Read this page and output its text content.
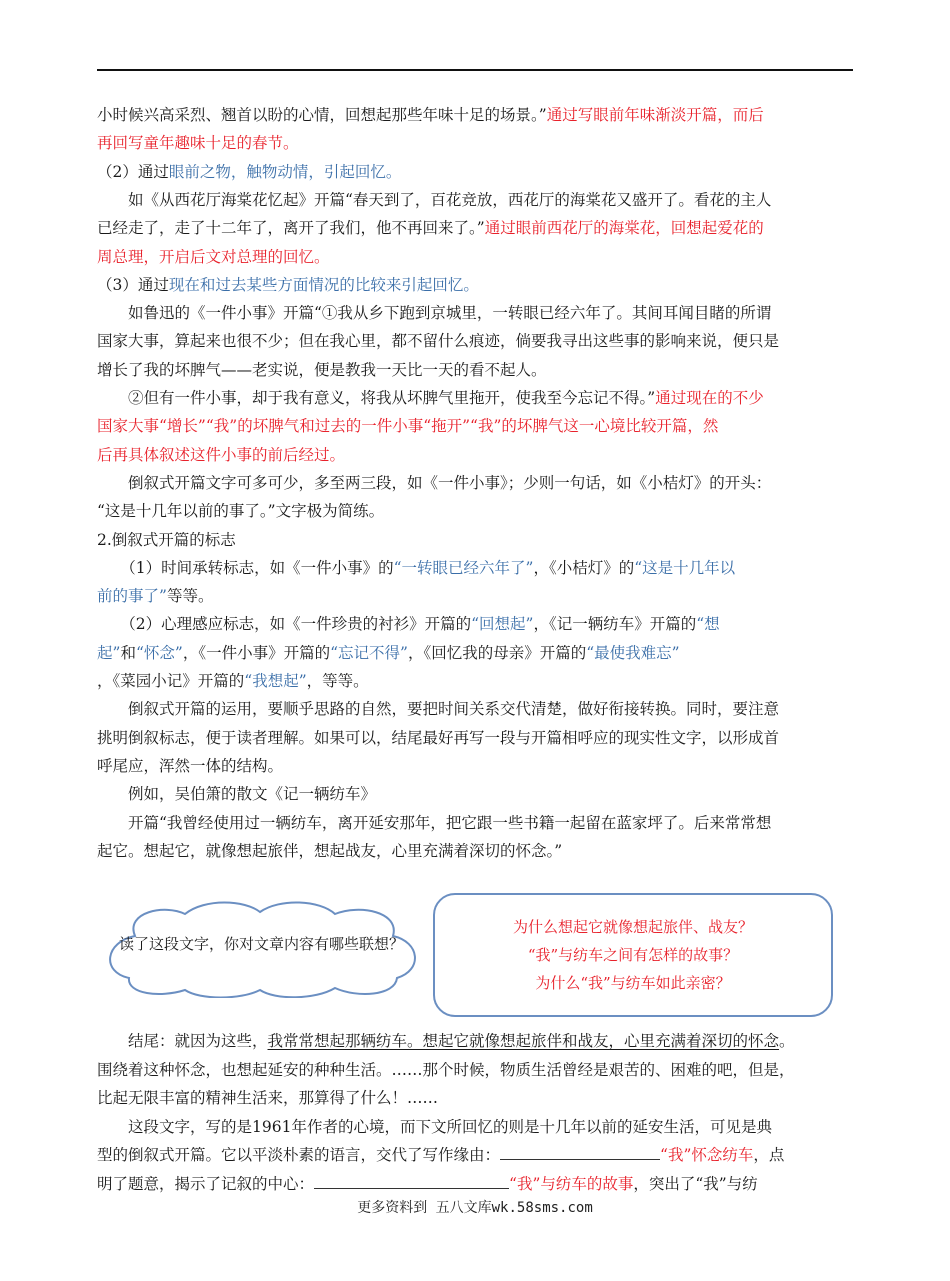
小时候兴高采烈、翘首以盼的心情，回想起那些年味十足的场景。”通过写眼前年味渐淡开篇，而后
再回写童年趣味十足的春节。
（2）通过眼前之物，触物动情，引起回忆。
　　如《从西花厅海棠花忆起》开篇“春天到了，百花竞放，西花厅的海棠花又盛开了。看花的主人
已经走了，走了十二年了，离开了我们，他不再回来了。”通过眼前西花厅的海棠花，回想起爱花的
周总理，开启后文对总理的回忆。
（3）通过现在和过去某些方面情况的比较来引起回忆。
　　如鲁迅的《一件小事》开篇“①我从乡下跑到京城里，一转眼已经六年了。其间耳闻目睹的所谓
国家大事，算起来也很不少；但在我心里，都不留什么痕迹，倘要我寻出这些事的影响来说，便只是
增长了我的坏脾气——老实说，便是教我一天比一天的看不起人。
　　②但有一件小事，却于我有意义，将我从坏脾气里拖开，使我至今忘记不得。”通过现在的不少
国家大事“增长”“我”的坏脾气和过去的一件小事“拖开”“我”的坏脾气这一心境比较开篇，然
后再具体叙述这件小事的前后经过。
　　倒叙式开篇文字可多可少，多至两三段，如《一件小事》；少则一句话，如《小桔灯》的开头：
“这是十几年以前的事了。”文字极为简练。
2.倒叙式开篇的标志
　　（1）时间承转标志，如《一件小事》的“一转眼已经六年了”，《小桔灯》的“这是十几年以
前的事了”等等。
　　（2）心理感应标志，如《一件珍贵的衬衫》开篇的“回想起”，《记一辆纺车》开篇的“想
起”和“怀念”，《一件小事》开篇的“忘记不得”，《回忆我的母亲》开篇的“最使我难忘”
，《菜园小记》开篇的“我想起”，等等。
　　倒叙式开篇的运用，要顺乎思路的自然，要把时间关系交代清楚，做好衔接转换。同时，要注意
挑明倒叙标志，便于读者理解。如果可以，结尾最好再写一段与开篇相呼应的现实性文字，以形成首
呼尾应，浑然一体的结构。
　　例如，吴伯箫的散文《记一辆纺车》
　　开篇“我曾经使用过一辆纺车，离开延安那年，把它跟一些书籍一起留在蓝家坪了。后来常常想
起它。想起它，就像想起旅伴，想起战友，心里充满着深切的怀念。”
　读了这段文字，你对文章内容有哪些联想？
为什么想起它就像想起旅伴、战友？
“我”与纺车之间有怎样的故事？
为什么“我”与纺车如此亲密？
　　结尾：就因为这些，我常常想起那辆纺车。想起它就像想起旅伴和战友，心里充满着深切的怀念。
围绕着这种怀念，也想起延安的种种生活。……那个时候，物质生活曾经是艰苦的、困难的吧，但是，
比起无限丰富的精神生活来，那算得了什么！……
　　这段文字，写的是1961年作者的心境，而下文所回忆的则是十几年以前的延安生活，可见是典
型的倒叙式开篇。它以平淡朴素的语言，交代了写作缘由：	“我”怀念纺车，点
明了题意，揭示了记叙的中心：	“我”与纺车的故事，突出了“我”与纺
更多资料到 五八文库wk.58sms.com
